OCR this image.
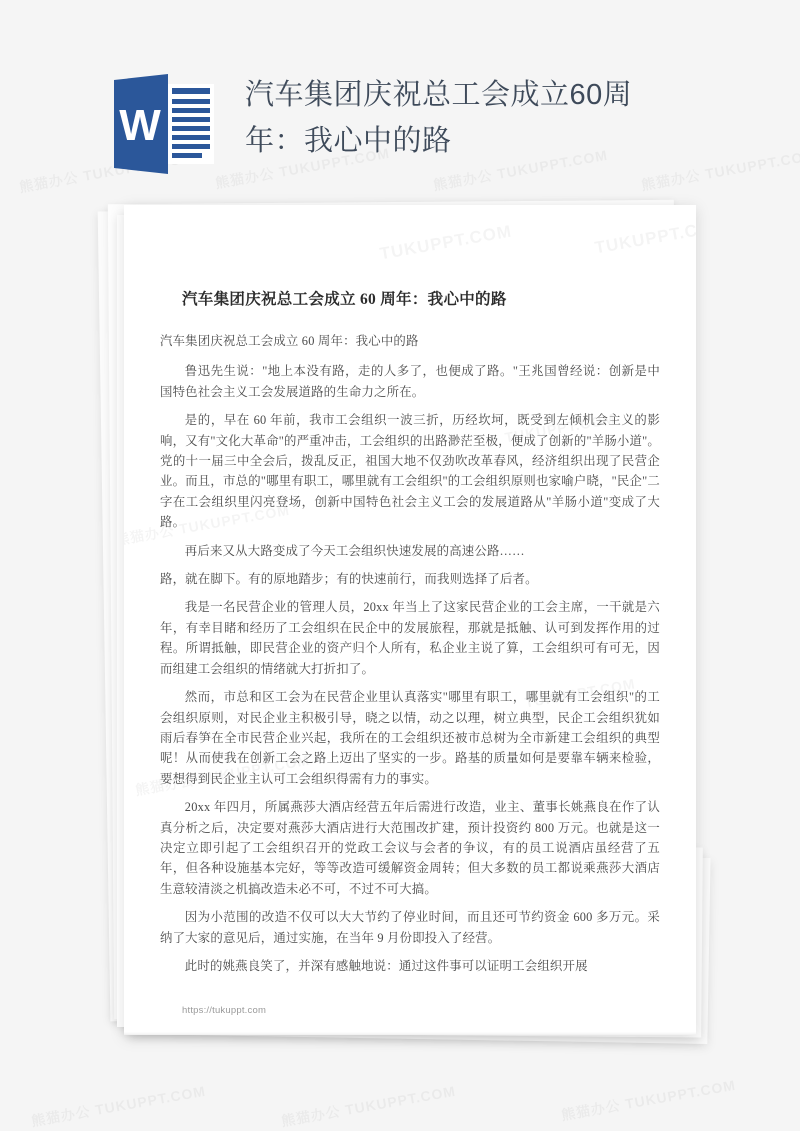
W
汽车集团庆祝总工会成立60周年：我心中的路
汽车集团庆祝总工会成立 60 周年：我心中的路

汽车集团庆祝总工会成立 60 周年：我心中的路

鲁迅先生说："地上本没有路，走的人多了，也便成了路。"王兆国曾经说：创新是中国特色社会主义工会发展道路的生命力之所在。

是的，早在 60 年前，我市工会组织一波三折，历经坎坷，既受到左倾机会主义的影响，又有"文化大革命"的严重冲击，工会组织的出路渺茫至极，便成了创新的"羊肠小道"。党的十一届三中全会后，拨乱反正，祖国大地不仅劲吹改革春风，经济组织出现了民营企业。而且，市总的"哪里有职工，哪里就有工会组织"的工会组织原则也家喻户晓，"民企"二字在工会组织里闪亮登场，创新中国特色社会主义工会的发展道路从"羊肠小道"变成了大路。

再后来又从大路变成了今天工会组织快速发展的高速公路……

路，就在脚下。有的原地踏步；有的快速前行，而我则选择了后者。

我是一名民营企业的管理人员，20xx 年当上了这家民营企业的工会主席，一干就是六年，有幸目睹和经历了工会组织在民企中的发展旅程，那就是抵触、认可到发挥作用的过程。所谓抵触，即民营企业的资产归个人所有，私企业主说了算，工会组织可有可无，因而组建工会组织的情绪就大打折扣了。

然而，市总和区工会为在民营企业里认真落实"哪里有职工，哪里就有工会组织"的工会组织原则，对民企业主积极引导，晓之以情，动之以理，树立典型，民企工会组织犹如雨后春笋在全市民营企业兴起，我所在的工会组织还被市总树为全市新建工会组织的典型呢！从而使我在创新工会之路上迈出了坚实的一步。路基的质量如何是要靠车辆来检验，要想得到民企业主认可工会组织得需有力的事实。

20xx 年四月，所属燕莎大酒店经营五年后需进行改造，业主、董事长姚燕良在作了认真分析之后，决定要对燕莎大酒店进行大范围改扩建，预计投资约 800 万元。也就是这一决定立即引起了工会组织召开的党政工会议与会者的争议，有的员工说酒店虽经营了五年，但各种设施基本完好，等等改造可缓解资金周转；但大多数的员工都说乘燕莎大酒店生意较清淡之机搞改造未必不可，不过不可大搞。

因为小范围的改造不仅可以大大节约了停业时间，而且还可节约资金 600 多万元。采纳了大家的意见后，通过实施，在当年 9 月份即投入了经营。

此时的姚燕良笑了，并深有感触地说：通过这件事可以证明工会组织开展

https://tukuppt.com
